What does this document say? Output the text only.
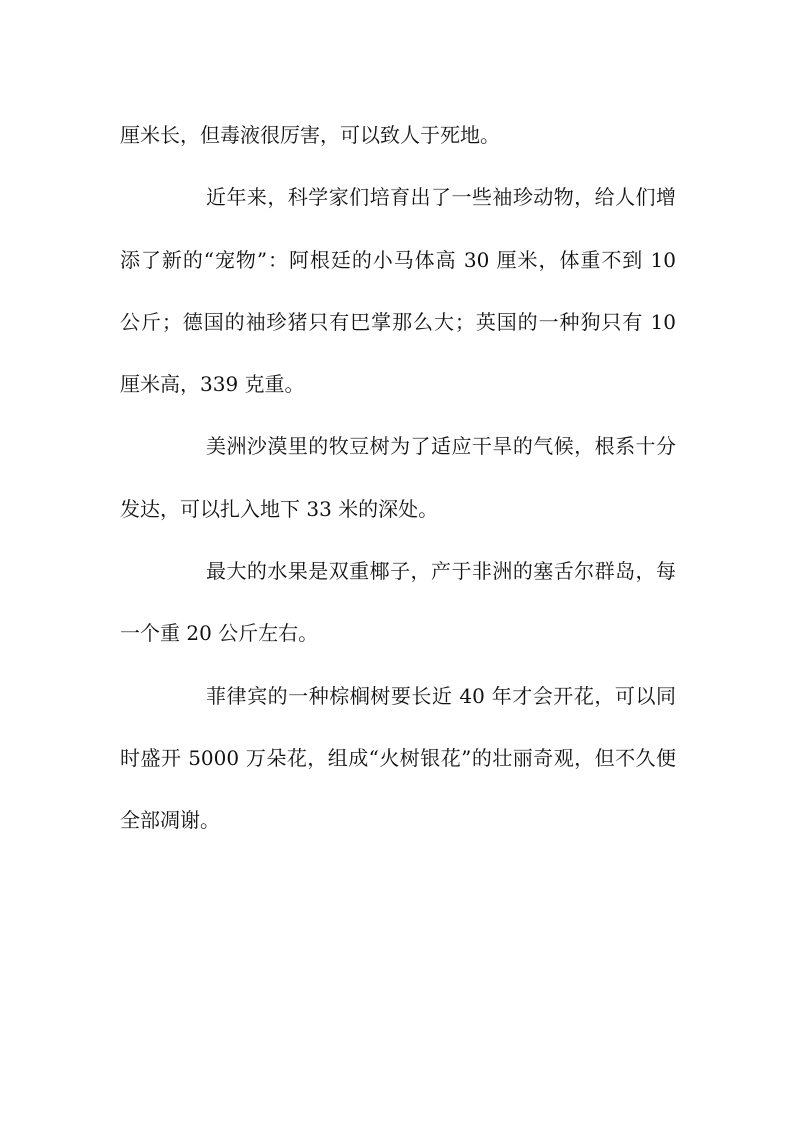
厘米长，但毒液很厉害，可以致人于死地。

近年来，科学家们培育出了一些袖珍动物，给人们增添了新的“宠物”：阿根廷的小马体高 30 厘米，体重不到 10 公斤；德国的袖珍猪只有巴掌那么大；英国的一种狗只有 10 厘米高，339 克重。

美洲沙漠里的牧豆树为了适应干旱的气候，根系十分发达，可以扎入地下 33 米的深处。

最大的水果是双重椰子，产于非洲的塞舌尔群岛，每一个重 20 公斤左右。

菲律宾的一种棕榈树要长近 40 年才会开花，可以同时盛开 5000 万朵花，组成“火树银花”的壮丽奇观，但不久便全部凋谢。
